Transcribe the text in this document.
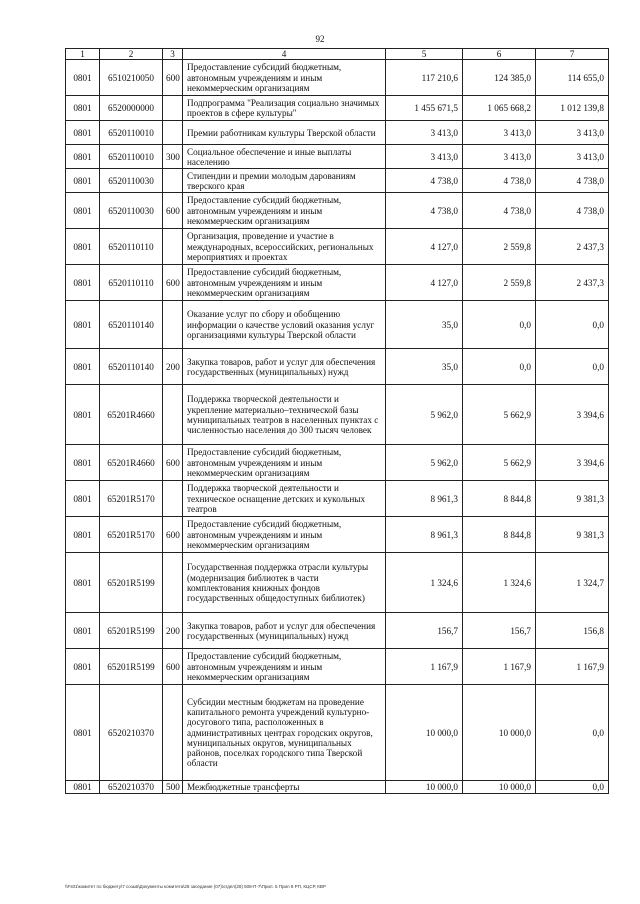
92
1	2	3	4	5	6	7
0801	6510210050	600	Предоставление субсидий бюджетным, автономным учреждениям и иным некоммерческим организациям	117 210,6	124 385,0	114 655,0
0801	6520000000		Подпрограмма "Реализация социально значимых проектов в сфере культуры"	1 455 671,5	1 065 668,2	1 012 139,8
0801	6520110010		Премии работникам культуры Тверской области	3 413,0	3 413,0	3 413,0
0801	6520110010	300	Социальное обеспечение и иные выплаты населению	3 413,0	3 413,0	3 413,0
0801	6520110030		Стипендии и премии молодым дарованиям тверского края	4 738,0	4 738,0	4 738,0
0801	6520110030	600	Предоставление субсидий бюджетным, автономным учреждениям и иным некоммерческим организациям	4 738,0	4 738,0	4 738,0
0801	6520110110		Организация, проведение и участие в международных, всероссийских, региональных мероприятиях и проектах	4 127,0	2 559,8	2 437,3
0801	6520110110	600	Предоставление субсидий бюджетным, автономным учреждениям и иным некоммерческим организациям	4 127,0	2 559,8	2 437,3
0801	6520110140		Оказание услуг по сбору и обобщению информации о качестве условий оказания услуг организациями культуры Тверской области	35,0	0,0	0,0
0801	6520110140	200	Закупка товаров, работ и услуг для обеспечения государственных (муниципальных) нужд	35,0	0,0	0,0
0801	65201R4660		Поддержка творческой деятельности и укрепление материально–технической базы муниципальных театров в населенных пунктах с численностью населения до 300 тысяч человек	5 962,0	5 662,9	3 394,6
0801	65201R4660	600	Предоставление субсидий бюджетным, автономным учреждениям и иным некоммерческим организациям	5 962,0	5 662,9	3 394,6
0801	65201R5170		Поддержка творческой деятельности и техническое оснащение детских и кукольных театров	8 961,3	8 844,8	9 381,3
0801	65201R5170	600	Предоставление субсидий бюджетным, автономным учреждениям и иным некоммерческим организациям	8 961,3	8 844,8	9 381,3
0801	65201R5199		Государственная поддержка отрасли культуры (модернизация библиотек в части комплектования книжных фондов государственных общедоступных библиотек)	1 324,6	1 324,6	1 324,7
0801	65201R5199	200	Закупка товаров, работ и услуг для обеспечения государственных (муниципальных) нужд	156,7	156,7	156,8
0801	65201R5199	600	Предоставление субсидий бюджетным, автономным учреждениям и иным некоммерческим организациям	1 167,9	1 167,9	1 167,9
0801	6520210370		Субсидии местным бюджетам на проведение капитального ремонта учреждений культурно-досугового типа, расположенных в административных центрах городских округов, муниципальных округов, муниципальных районов, поселках городского типа Тверской области	10 000,0	10 000,0	0,0
0801	6520210370	500	Межбюджетные трансферты	10 000,0	10 000,0	0,0
\\Fs01\комитет по бюджету\7 созыв\Документы комитета\28 заседание (07)\отдел(28) 508-П-7\Прил. 5 Прил 8 РП, КЦСР, КВР
